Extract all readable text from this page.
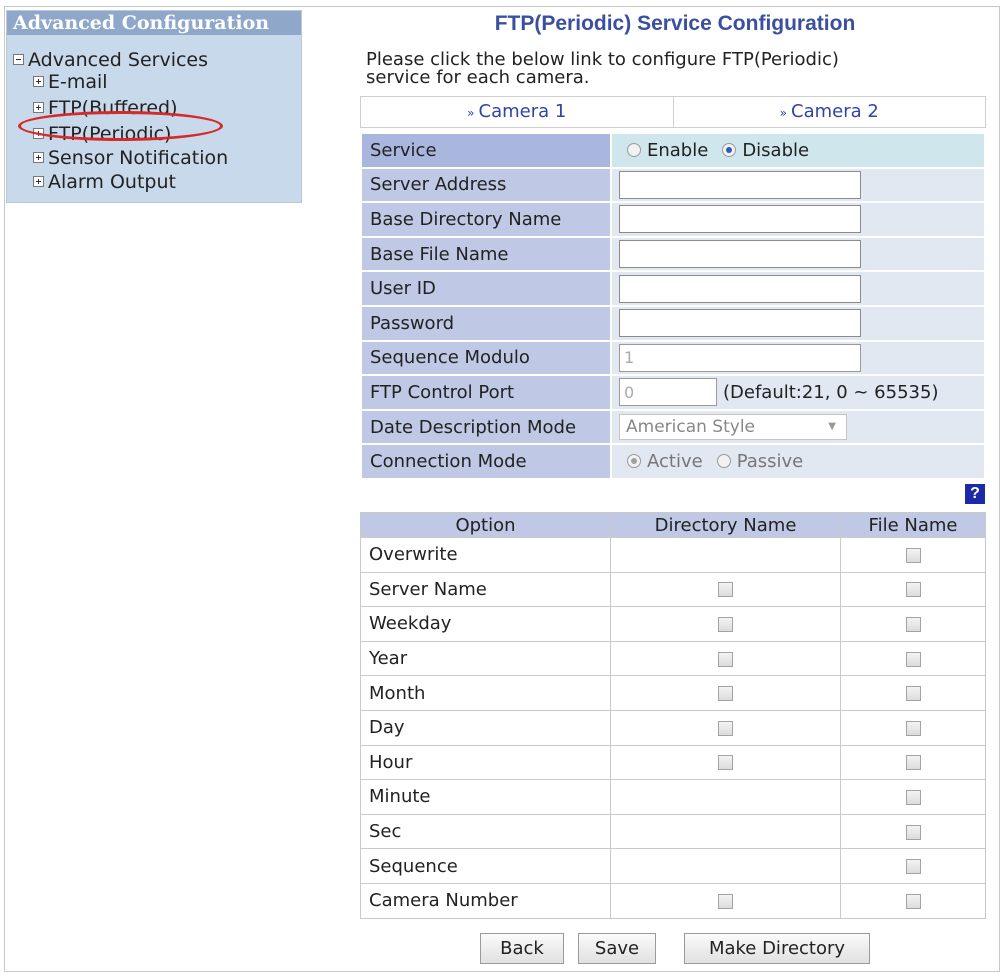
Advanced Configuration
Advanced Services
E-mail
FTP(Buffered)
FTP(Periodic)
Sensor Notification
Alarm Output
FTP(Periodic) Service Configuration
Please click the below link to configure FTP(Periodic)
service for each camera.
» Camera 1	» Camera 2
Service	Enable Disable
Server Address	
Base Directory Name	
Base File Name	
User ID	
Password	
Sequence Modulo	1
FTP Control Port	0(Default:21, 0 ~ 65535)
Date Description Mode	American Style ▼

Connection Mode	Active Passive
?
Option	Directory Name	File Name
Overwrite		
Server Name		
Weekday		
Year		
Month		
Day		
Hour		
Minute		
Sec		
Sequence		
Camera Number		
Back	Save	Make Directory
